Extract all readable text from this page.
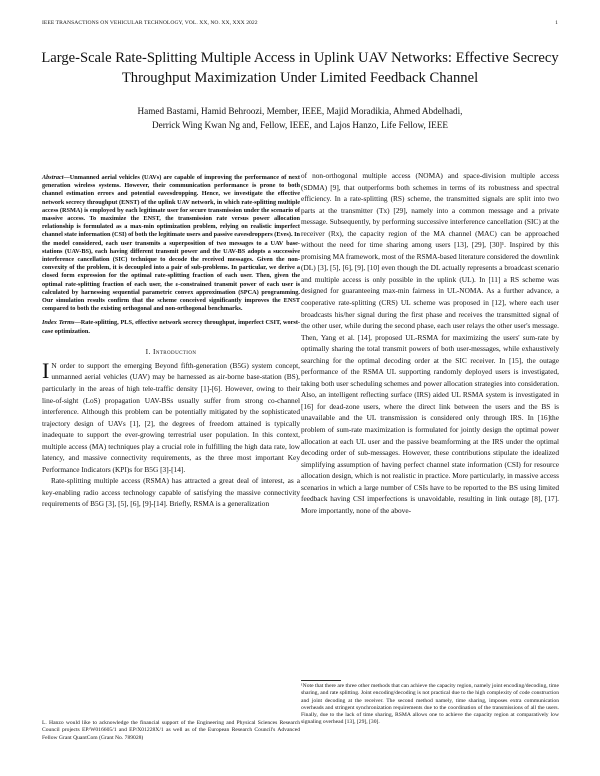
IEEE TRANSACTIONS ON VEHICULAR TECHNOLOGY, VOL. XX, NO. XX, XXX 2022	1
Large-Scale Rate-Splitting Multiple Access in Uplink UAV Networks: Effective Secrecy
Throughput Maximization Under Limited Feedback Channel
Hamed Bastami, Hamid Behroozi, Member, IEEE, Majid Moradikia, Ahmed Abdelhadi,
Derrick Wing Kwan Ng and, Fellow, IEEE, and Lajos Hanzo, Life Fellow, IEEE

Abstract—Unmanned aerial vehicles (UAVs) are capable of improving the performance of next generation wireless systems. However, their communication performance is prone to both channel estimation errors and potential eavesdropping. Hence, we investigate the effective network secrecy throughput (ENST) of the uplink UAV network, in which rate-splitting multiple access (RSMA) is employed by each legitimate user for secure transmission under the scenario of massive access. To maximize the ENST, the transmission rate versus power allocation relationship is formulated as a max-min optimization problem, relying on realistic imperfect channel state information (CSI) of both the legitimate users and passive eavesdroppers (Eves). In the model considered, each user transmits a superposition of two messages to a UAV base-stations (UAV-BS), each having different transmit power and the UAV-BS adopts a successive interference cancellation (SIC) technique to decode the received messages. Given the non-convexity of the problem, it is decoupled into a pair of sub-problems. In particular, we derive a closed form expression for the optimal rate-splitting fraction of each user. Then, given the optimal rate-splitting fraction of each user, the ε-constrained transmit power of each user is calculated by harnessing sequential parametric convex approximation (SPCA) programming. Our simulation results confirm that the scheme conceived significantly improves the ENST compared to both the existing orthogonal and non-orthogonal benchmarks.

Index Terms—Rate-splitting, PLS, effective network secrecy throughput, imperfect CSIT, worst-case optimization.

I. Introduction

I N order to support the emerging Beyond fifth-generation (B5G) system concept, unmanned aerial vehicles (UAV) may be harnessed as air-borne base-station (BS), particularly in the areas of high tele-traffic density [1]-[6]. However, owing to their line-of-sight (LoS) propagation UAV-BSs usually suffer from strong co-channel interference. Although this problem can be potentially mitigated by the sophisticated trajectory design of UAVs [1], [2], the degrees of freedom attained is typically inadequate to support the ever-growing terrestrial user population. In this context, multiple access (MA) techniques play a crucial role in fulfilling the high data rate, low latency, and massive connectivity requirements, as the three most important Key Performance Indicators (KPI)s for B5G [3]-[14].

Rate-splitting multiple access (RSMA) has attracted a great deal of interest, as a key-enabling radio access technology capable of satisfying the massive connectivity requirements of B5G [3], [5], [6], [9]-[14]. Briefly, RSMA is a generalization

L. Hanzo would like to acknowledge the financial support of the Engineering and Physical Sciences Research Council projects EP/W016605/1 and EP/X01228X/1 as well as of the European Research Council's Advanced Fellow Grant QuantCom (Grant No. 789028)

of non-orthogonal multiple access (NOMA) and space-division multiple access (SDMA) [9], that outperforms both schemes in terms of its robustness and spectral efficiency. In a rate-splitting (RS) scheme, the transmitted signals are split into two parts at the transmitter (Tx) [29], namely into a common message and a private message. Subsequently, by performing successive interference cancellation (SIC) at the receiver (Rx), the capacity region of the MA channel (MAC) can be approached without the need for time sharing among users [13], [29], [30]¹. Inspired by this promising MA framework, most of the RSMA-based literature considered the downlink (DL) [3], [5], [6], [9], [10] even though the DL actually represents a broadcast scenario and multiple access is only possible in the uplink (UL). In [11] a RS scheme was designed for guaranteeing max-min fairness in UL-NOMA. As a further advance, a cooperative rate-splitting (CRS) UL scheme was proposed in [12], where each user broadcasts his/her signal during the first phase and receives the transmitted signal of the other user, while during the second phase, each user relays the other user's message. Then, Yang et al. [14], proposed UL-RSMA for maximizing the users' sum-rate by optimally sharing the total transmit powers of both user-messages, while exhaustively searching for the optimal decoding order at the SIC receiver. In [15], the outage performance of the RSMA UL supporting randomly deployed users is investigated, taking both user scheduling schemes and power allocation strategies into consideration. Also, an intelligent reflecting surface (IRS) aided UL RSMA system is investigated in [16] for dead-zone users, where the direct link between the users and the BS is unavailable and the UL transmission is considered only through IRS. In [16]the problem of sum-rate maximization is formulated for jointly design the optimal power allocation at each UL user and the passive beamforming at the IRS under the optimal decoding order of sub-messages. However, these contributions stipulate the idealized simplifying assumption of having perfect channel state information (CSI) for resource allocation design, which is not realistic in practice. More particularly, in massive access scenarios in which a large number of CSIs have to be reported to the BS using limited feedback having CSI imperfections is unavoidable, resulting in link outage [8], [17]. More importantly, none of the above-

¹Note that there are three other methods that can achieve the capacity region, namely joint encoding/decoding, time sharing, and rate splitting. Joint encoding/decoding is not practical due to the high complexity of code construction and joint decoding at the receiver. The second method namely, time sharing, imposes extra communication overheads and stringent synchronization requirements due to the coordination of the transmissions of all the users. Finally, due to the lack of time sharing, RSMA allows one to achieve the capacity region at comparatively low signaling overhead [13], [29], [30].
